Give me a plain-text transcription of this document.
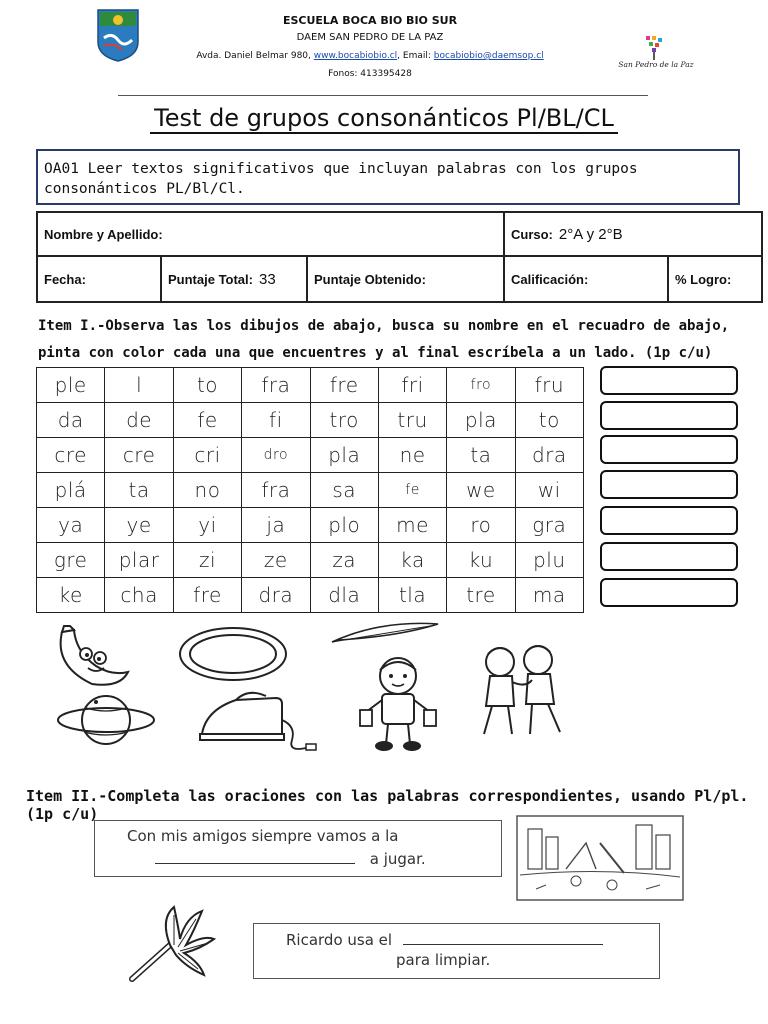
ESCUELA BOCA BIO BIO SUR
DAEM SAN PEDRO DE LA PAZ
Avda. Daniel Belmar 980, www.bocabiobio.cl, Email: bocabiobio@daemsop.cl
Fonos: 413395428
San Pedro de la Paz
Test de grupos consonánticos Pl/BL/CL
OA01 Leer textos significativos que incluyan palabras con los grupos consonánticos PL/Bl/Cl.
Nombre y Apellido:			Curso: 2°A y 2°B	
Fecha:	Puntaje Total: 33	Puntaje Obtenido:	Calificación:	% Logro:
Item I.-Observa las los dibujos de abajo, busca su nombre en el recuadro de abajo,
pinta con color cada una que encuentres y al final escríbela a un lado. (1p c/u)
ple	l	to	fra	fre	fri	fro	fru
da	de	fe	fi	tro	tru	pla	to
cre	cre	cri	dro	pla	ne	ta	dra
plá	ta	no	fra	sa	fe	we	wi
ya	ye	yi	ja	plo	me	ro	gra
gre	plar	zi	ze	za	ka	ku	plu
ke	cha	fre	dra	dla	tla	tre	ma
Item II.-Completa las oraciones con las palabras correspondientes, usando Pl/pl.(1p c/u)
Con mis amigos siempre vamos a la
a jugar.
Ricardo usa el
para limpiar.
